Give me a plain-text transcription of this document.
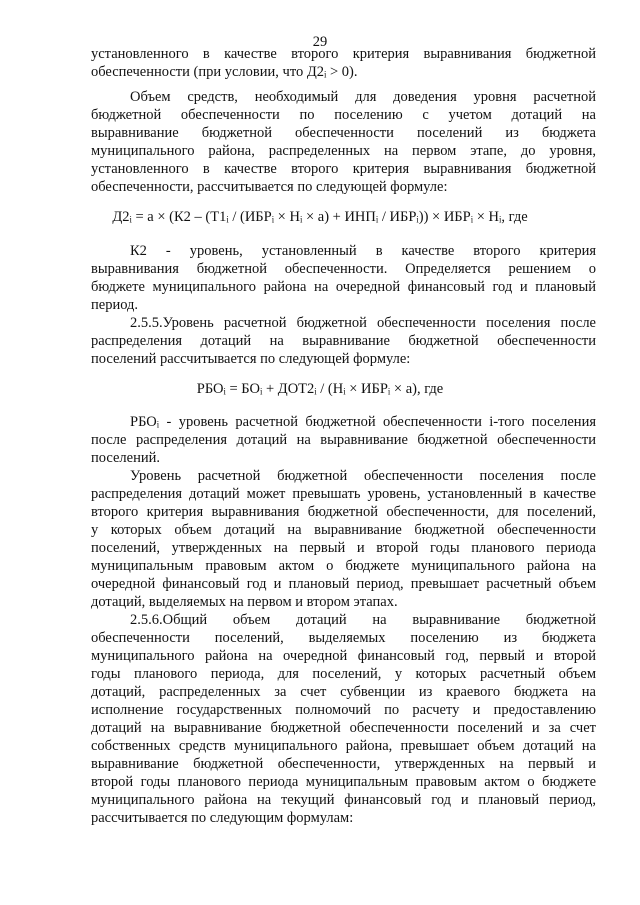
29
установленного в качестве второго критерия выравнивания бюджетной
обеспеченности (при условии, что Д2ᵢ > 0).
Объем средств, необходимый для доведения уровня расчетной
бюджетной обеспеченности по поселению с учетом дотаций на
выравнивание бюджетной обеспеченности поселений из бюджета
муниципального района, распределенных на первом этапе, до уровня,
установленного в качестве второго критерия выравнивания бюджетной
обеспеченности, рассчитывается по следующей формуле:
Д2ᵢ = a × (К2 – (Т1ᵢ / (ИБРᵢ × Нᵢ × a) + ИНПᵢ / ИБРᵢ)) × ИБРᵢ × Нᵢ, где
К2 - уровень, установленный в качестве второго критерия
выравнивания бюджетной обеспеченности. Определяется решением о
бюджете муниципального района на очередной финансовый год и плановый
период.
2.5.5.Уровень расчетной бюджетной обеспеченности поселения после
распределения дотаций на выравнивание бюджетной обеспеченности
поселений рассчитывается по следующей формуле:
РБОᵢ = БОᵢ + ДОТ2ᵢ / (Нᵢ × ИБРᵢ × a), где
РБОᵢ - уровень расчетной бюджетной обеспеченности i-того поселения
после распределения дотаций на выравнивание бюджетной обеспеченности
поселений.
Уровень расчетной бюджетной обеспеченности поселения после
распределения дотаций может превышать уровень, установленный в качестве
второго критерия выравнивания бюджетной обеспеченности, для поселений,
у которых объем дотаций на выравнивание бюджетной обеспеченности
поселений, утвержденных на первый и второй годы планового периода
муниципальным правовым актом о бюджете муниципального района на
очередной финансовый год и плановый период, превышает расчетный объем
дотаций, выделяемых на первом и втором этапах.
2.5.6.Общий объем дотаций на выравнивание бюджетной
обеспеченности поселений, выделяемых поселению из бюджета
муниципального района на очередной финансовый год, первый и второй
годы планового периода, для поселений, у которых расчетный объем
дотаций, распределенных за счет субвенции из краевого бюджета на
исполнение государственных полномочий по расчету и предоставлению
дотаций на выравнивание бюджетной обеспеченности поселений и за счет
собственных средств муниципального района, превышает объем дотаций на
выравнивание бюджетной обеспеченности, утвержденных на первый и
второй годы планового периода муниципальным правовым актом о бюджете
муниципального района на текущий финансовый год и плановый период,
рассчитывается по следующим формулам:
